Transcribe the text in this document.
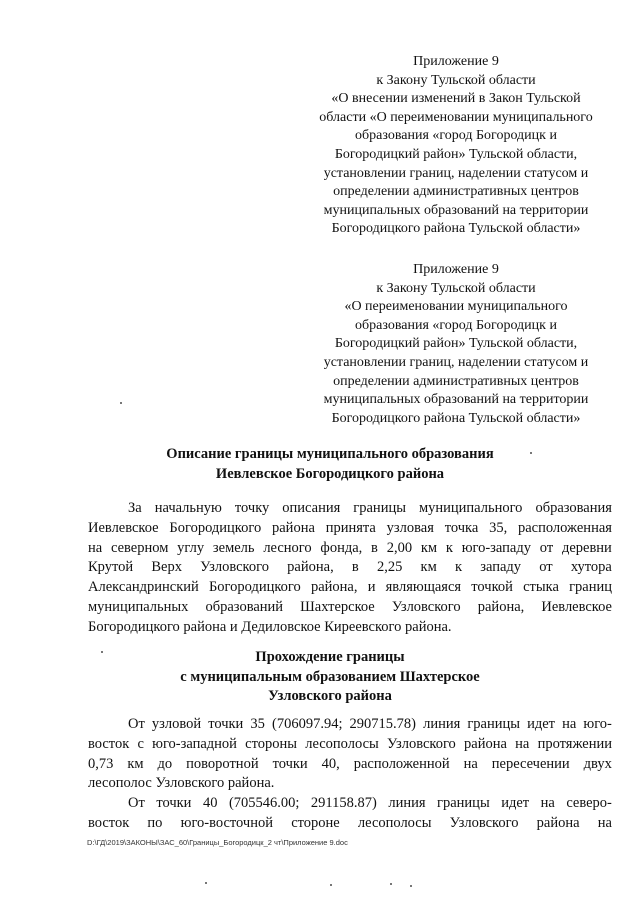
Приложение 9
к Закону Тульской области
«О внесении изменений в Закон Тульской
области «О переименовании муниципального
образования «город Богородицк и
Богородицкий район» Тульской области,
установлении границ, наделении статусом и
определении административных центров
муниципальных образований на территории
Богородицкого района Тульской области»
Приложение 9
к Закону Тульской области
«О переименовании муниципального
образования «город Богородицк и
Богородицкий район» Тульской области,
установлении границ, наделении статусом и
определении административных центров
муниципальных образований на территории
Богородицкого района Тульской области»
Описание границы муниципального образования
Иевлевское Богородицкого района
За начальную точку описания границы муниципального образования
Иевлевское Богородицкого района принята узловая точка 35, расположенная
на северном углу земель лесного фонда, в 2,00 км к юго-западу от деревни
Крутой Верх Узловского района, в 2,25 км к западу от хутора
Александринский Богородицкого района, и являющаяся точкой стыка границ
муниципальных образований Шахтерское Узловского района, Иевлевское
Богородицкого района и Дедиловское Киреевского района.
Прохождение границы
с муниципальным образованием Шахтерское
Узловского района
От узловой точки 35 (706097.94; 290715.78) линия границы идет на юго-
восток с юго-западной стороны лесополосы Узловского района на протяжении
0,73 км до поворотной точки 40, расположенной на пересечении двух
лесополос Узловского района.
От точки 40 (705546.00; 291158.87) линия границы идет на северо-
восток по юго-восточной стороне лесополосы Узловского района на
D:\ГД\2019\ЗАКОНЫ\ЗАС_60\Границы_Богородицк_2 чт\Приложение 9.doc
